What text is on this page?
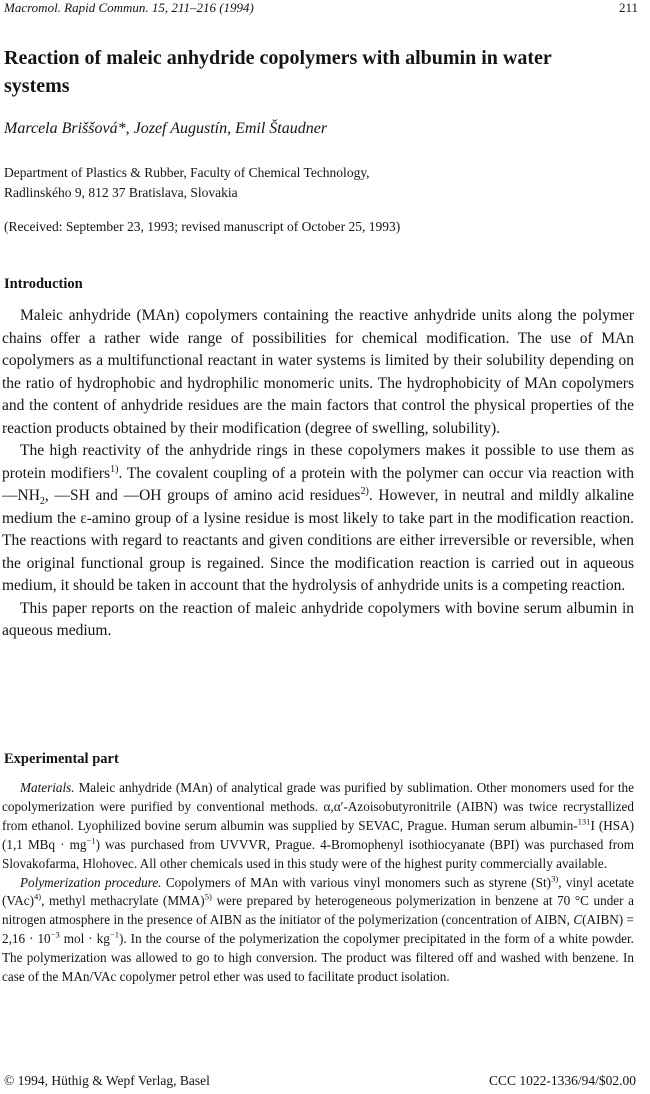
Macromol. Rapid Commun. 15, 211–216 (1994)	211
Reaction of maleic anhydride copolymers with albumin in water systems
Marcela Briššová*, Jozef Augustín, Emil Štaudner
Department of Plastics & Rubber, Faculty of Chemical Technology,
Radlinského 9, 812 37 Bratislava, Slovakia
(Received: September 23, 1993; revised manuscript of October 25, 1993)
Introduction

Maleic anhydride (MAn) copolymers containing the reactive anhydride units along the polymer chains offer a rather wide range of possibilities for chemical modification. The use of MAn copolymers as a multifunctional reactant in water systems is limited by their solubility depending on the ratio of hydrophobic and hydrophilic monomeric units. The hydrophobicity of MAn copolymers and the content of anhydride residues are the main factors that control the physical properties of the reaction products obtained by their modification (degree of swelling, solubility).

The high reactivity of the anhydride rings in these copolymers makes it possible to use them as protein modifiers$^{1)}$. The covalent coupling of a protein with the polymer can occur via reaction with $—NH_2$, —SH and —OH groups of amino acid residues$^{2)}$. However, in neutral and mildly alkaline medium the ε-amino group of a lysine residue is most likely to take part in the modification reaction. The reactions with regard to reactants and given conditions are either irreversible or reversible, when the original functional group is regained. Since the modification reaction is carried out in aqueous medium, it should be taken in account that the hydrolysis of anhydride units is a competing reaction.

This paper reports on the reaction of maleic anhydride copolymers with bovine serum albumin in aqueous medium.

Experimental part

Materials. Maleic anhydride (MAn) of analytical grade was purified by sublimation. Other monomers used for the copolymerization were purified by conventional methods. α,α′-Azoisobutyronitrile (AIBN) was twice recrystallized from ethanol. Lyophilized bovine serum albumin was supplied by SEVAC, Prague. Human serum albumin-$^{131}$I (HSA) (1,1 MBq · $mg^{-1}$) was purchased from UVVVR, Prague. 4-Bromophenyl isothiocyanate (BPI) was purchased from Slovakofarma, Hlohovec. All other chemicals used in this study were of the highest purity commercially available.

Polymerization procedure. Copolymers of MAn with various vinyl monomers such as styrene $(St)^{3)}$, vinyl acetate (VAc)$^{4)}$, methyl methacrylate (MMA)$^{5)}$ were prepared by heterogeneous polymerization in benzene at 70 °C under a nitrogen atmosphere in the presence of AIBN as the initiator of the polymerization (concentration of AIBN, C(AIBN) = $2,16 \cdot 10^{-3}$ mol · $kg^{-1}$). In the course of the polymerization the copolymer precipitated in the form of a white powder. The polymerization was allowed to go to high conversion. The product was filtered off and washed with benzene. In case of the MAn/VAc copolymer petrol ether was used to facilitate product isolation.

© 1994, Hüthig & Wepf Verlag, Basel	CCC 1022-1336/94/$02.00
